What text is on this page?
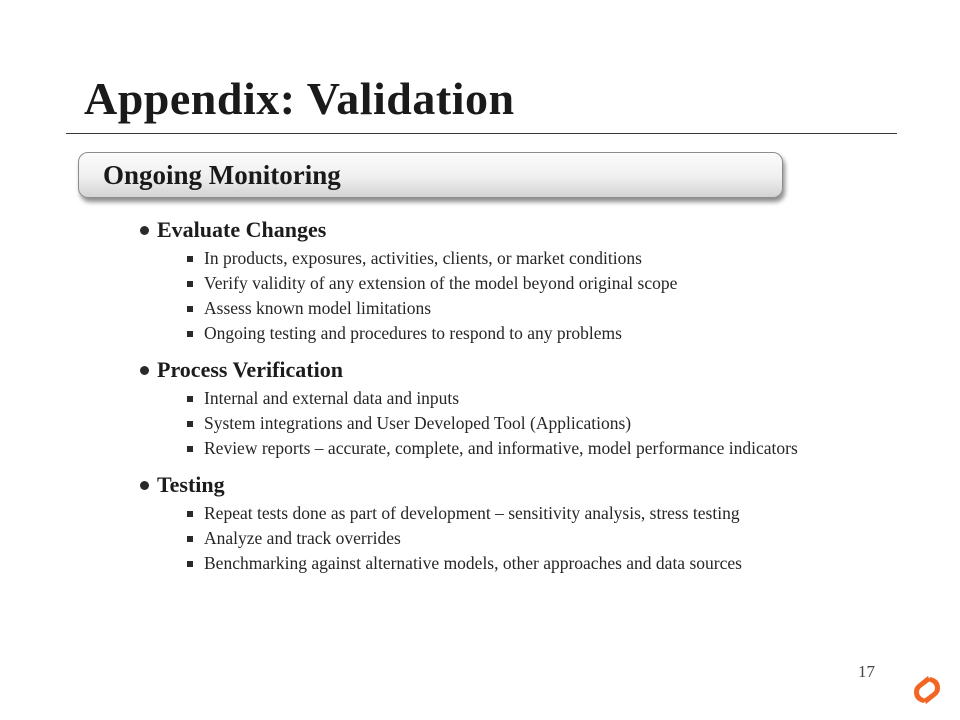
Appendix: Validation
Ongoing Monitoring
Evaluate Changes
In products, exposures, activities, clients, or market conditions
Verify validity of any extension of the model beyond original scope
Assess known model limitations
Ongoing testing and procedures to respond to any problems
Process Verification
Internal and external data and inputs
System integrations and User Developed Tool (Applications)
Review reports – accurate, complete, and informative, model performance indicators
Testing
Repeat tests done as part of development – sensitivity analysis, stress testing
Analyze and track overrides
Benchmarking against alternative models, other approaches and data sources
17
